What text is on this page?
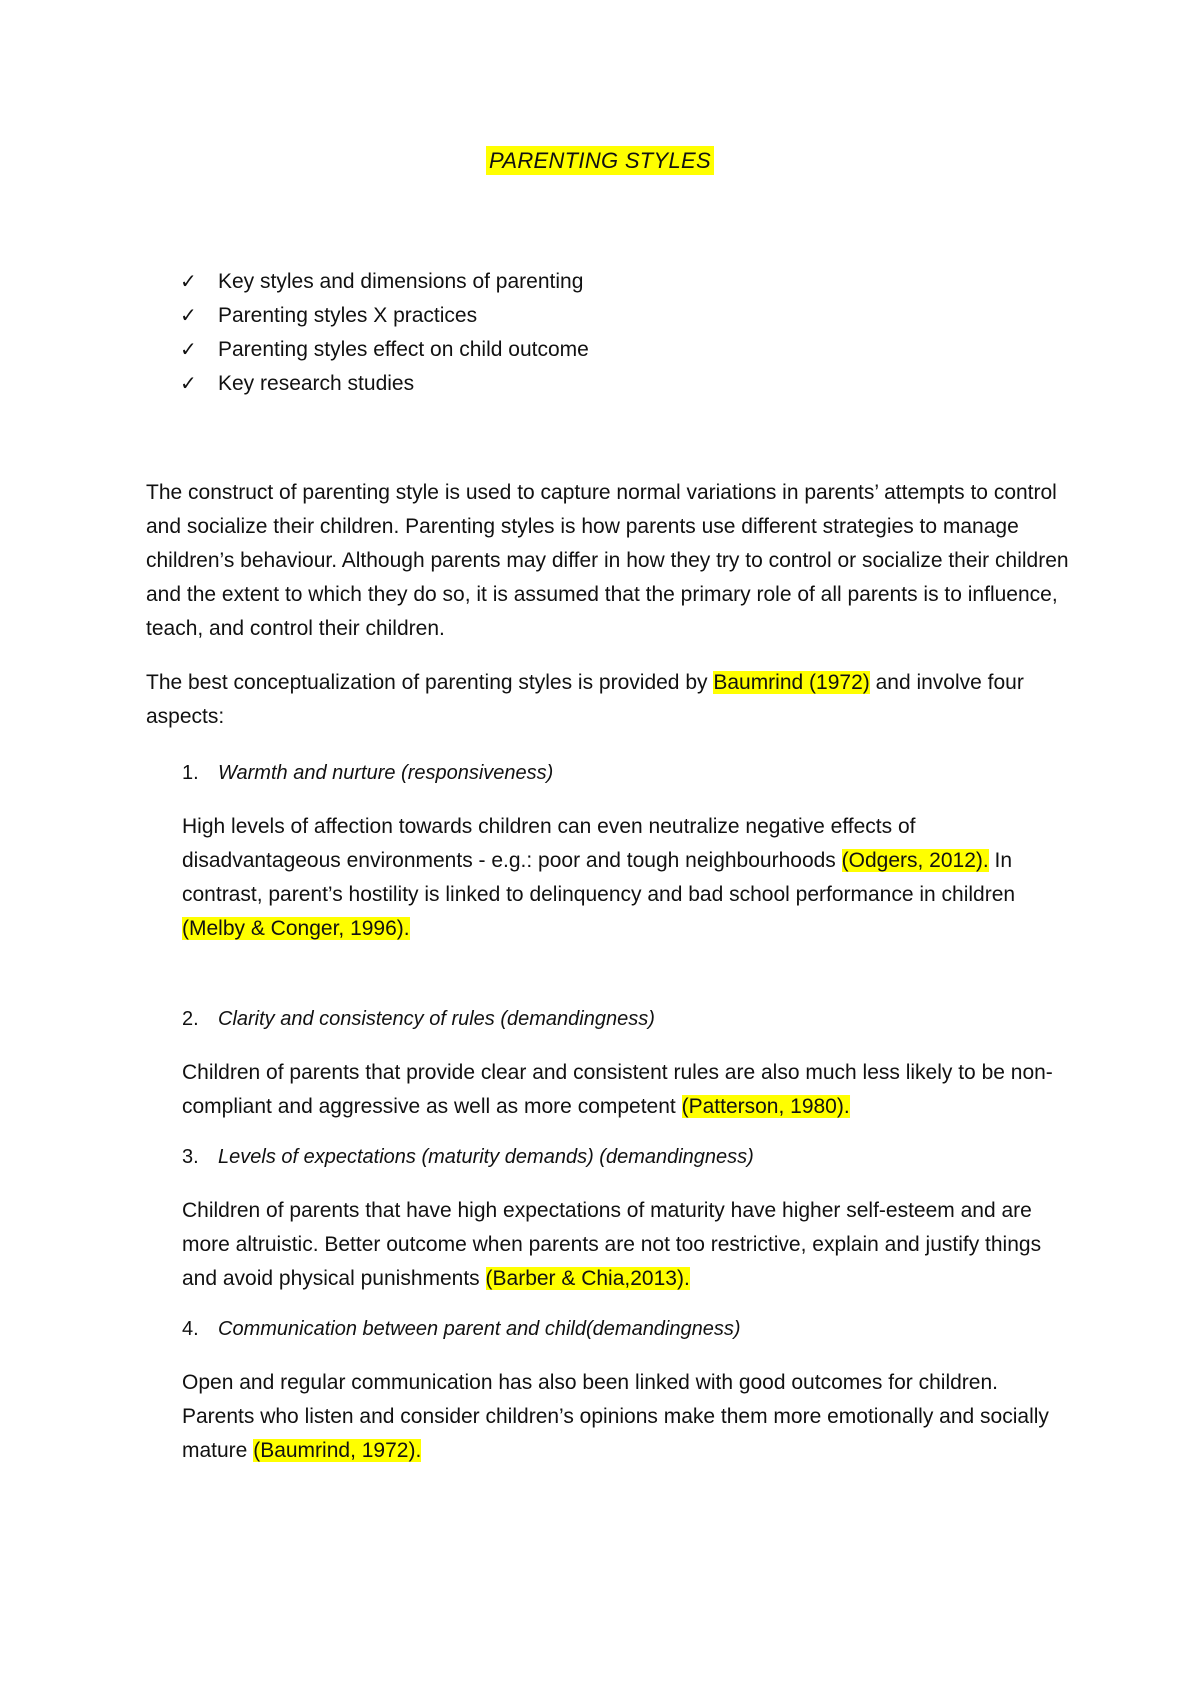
PARENTING STYLES
✓	Key styles and dimensions of parenting
✓	Parenting styles X practices
✓	Parenting styles effect on child outcome
✓	Key research studies

The construct of parenting style is used to capture normal variations in parents’ attempts to control and socialize their children. Parenting styles is how parents use different strategies to manage children’s behaviour. Although parents may differ in how they try to control or socialize their children and the extent to which they do so, it is assumed that the primary role of all parents is to influence, teach, and control their children.

The best conceptualization of parenting styles is provided by Baumrind (1972) and involve four aspects:

1. Warmth and nurture (responsiveness)

High levels of affection towards children can even neutralize negative effects of disadvantageous environments - e.g.: poor and tough neighbourhoods (Odgers, 2012). In contrast, parent’s hostility is linked to delinquency and bad school performance in children (Melby & Conger, 1996).

2. Clarity and consistency of rules (demandingness)

Children of parents that provide clear and consistent rules are also much less likely to be non-compliant and aggressive as well as more competent (Patterson, 1980).

3. Levels of expectations (maturity demands) (demandingness)

Children of parents that have high expectations of maturity have higher self-esteem and are more altruistic. Better outcome when parents are not too restrictive, explain and justify things and avoid physical punishments (Barber & Chia,2013).

4. Communication between parent and child(demandingness)

Open and regular communication has also been linked with good outcomes for children. Parents who listen and consider children’s opinions make them more emotionally and socially mature (Baumrind, 1972).
